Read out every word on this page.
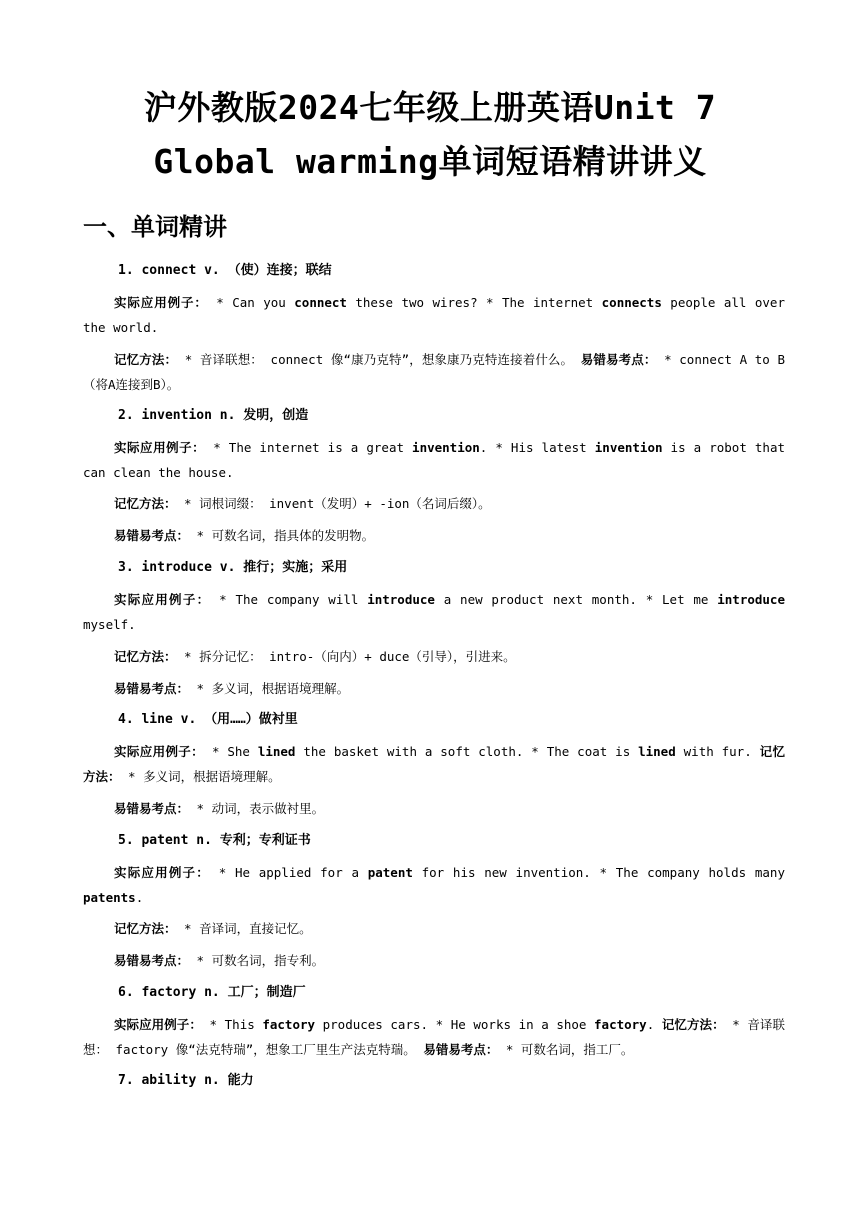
沪外教版2024七年级上册英语Unit 7
Global warming单词短语精讲讲义
一、单词精讲
1. connect v. （使）连接；联结
实际应用例子： * Can you connect these two wires? * The internet connects people all over the world.
记忆方法： * 音译联想： connect 像“康乃克特”，想象康乃克特连接着什么。 易错易考点： * connect A to B（将A连接到B）。
2. invention n. 发明，创造
实际应用例子： * The internet is a great invention. * His latest invention is a robot that can clean the house.
记忆方法： * 词根词缀： invent（发明）+ -ion（名词后缀）。
易错易考点： * 可数名词，指具体的发明物。
3. introduce v. 推行；实施；采用
实际应用例子： * The company will introduce a new product next month. * Let me introduce myself.
记忆方法： * 拆分记忆： intro-（向内）+ duce（引导），引进来。
易错易考点： * 多义词，根据语境理解。
4. line v. （用……）做衬里
实际应用例子： * She lined the basket with a soft cloth. * The coat is lined with fur. 记忆方法： * 多义词，根据语境理解。
易错易考点： * 动词，表示做衬里。
5. patent n. 专利；专利证书
实际应用例子： * He applied for a patent for his new invention. * The company holds many patents.
记忆方法： * 音译词，直接记忆。
易错易考点： * 可数名词，指专利。
6. factory n. 工厂；制造厂
实际应用例子： * This factory produces cars. * He works in a shoe factory. 记忆方法： * 音译联想： factory 像“法克特瑞”，想象工厂里生产法克特瑞。 易错易考点： * 可数名词，指工厂。
7. ability n. 能力
